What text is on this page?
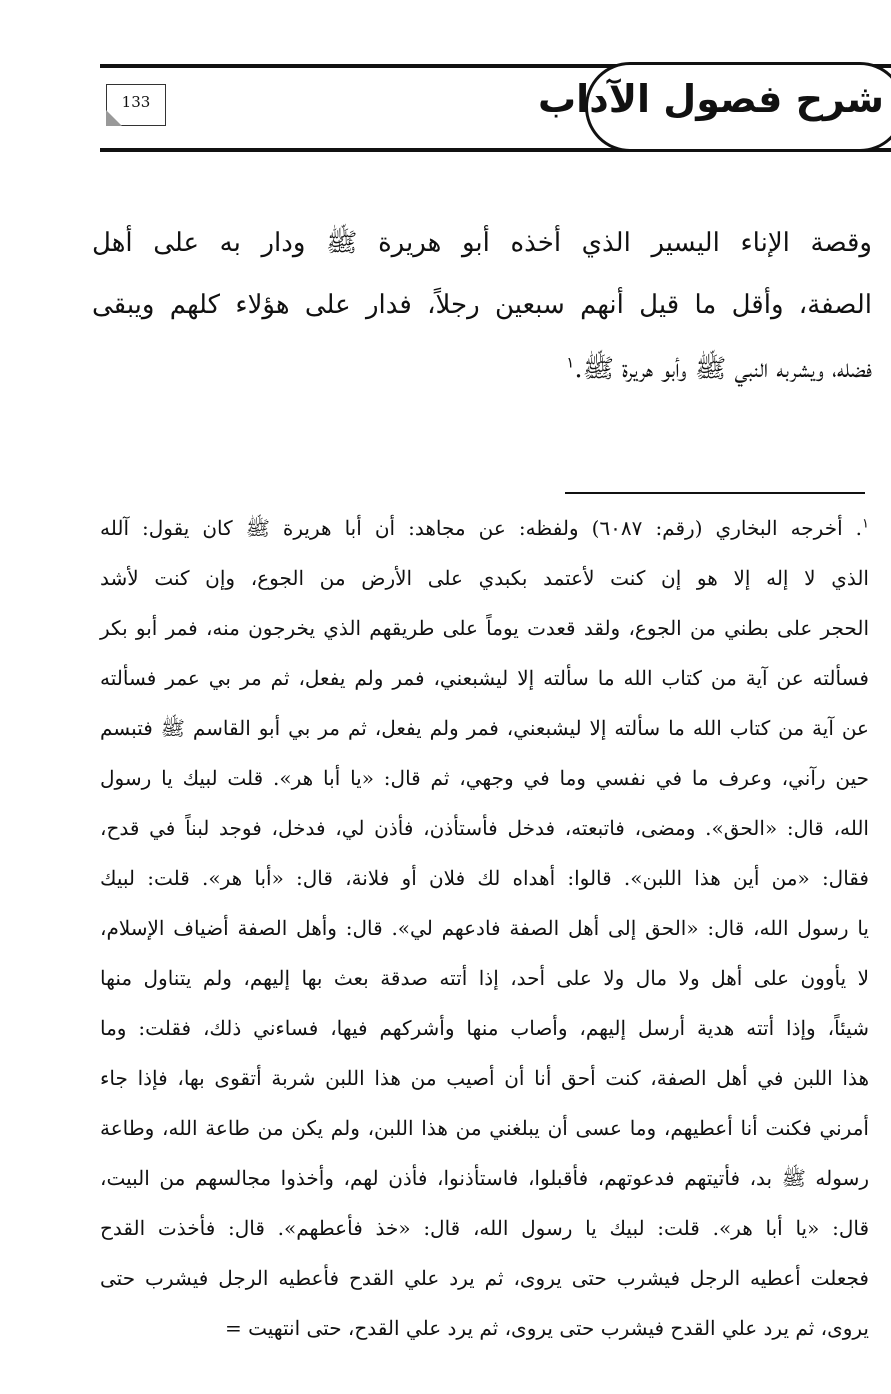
شرح فصول الآداب
133
وقصة الإناء اليسير الذي أخذه أبو هريرة ﷺ ودار به على أهل
الصفة، وأقل ما قيل أنهم سبعين رجلاً، فدار على هؤلاء كلهم ويبقى
فضله، ويشربه النبي ﷺ وأبو هريرة ﷺ.$^١$
$^١$. أخرجه البخاري (رقم: ٦٠٨٧) ولفظه: عن مجاهد: أن أبا هريرة ﷺ كان يقول: آلله
الذي لا إله إلا هو إن كنت لأعتمد بكبدي على الأرض من الجوع، وإن كنت لأشد
الحجر على بطني من الجوع، ولقد قعدت يوماً على طريقهم الذي يخرجون منه، فمر أبو بكر
فسألته عن آية من كتاب الله ما سألته إلا ليشبعني، فمر ولم يفعل، ثم مر بي عمر فسألته
عن آية من كتاب الله ما سألته إلا ليشبعني، فمر ولم يفعل، ثم مر بي أبو القاسم ﷺ فتبسم
حين رآني، وعرف ما في نفسي وما في وجهي، ثم قال: «يا أبا هر». قلت لبيك يا رسول
الله، قال: «الحق». ومضى، فاتبعته، فدخل فأستأذن، فأذن لي، فدخل، فوجد لبناً في قدح،
فقال: «من أين هذا اللبن». قالوا: أهداه لك فلان أو فلانة، قال: «أبا هر». قلت: لبيك
يا رسول الله، قال: «الحق إلى أهل الصفة فادعهم لي». قال: وأهل الصفة أضياف الإسلام،
لا يأوون على أهل ولا مال ولا على أحد، إذا أتته صدقة بعث بها إليهم، ولم يتناول منها
شيئاً، وإذا أتته هدية أرسل إليهم، وأصاب منها وأشركهم فيها، فساءني ذلك، فقلت: وما
هذا اللبن في أهل الصفة، كنت أحق أنا أن أصيب من هذا اللبن شربة أتقوى بها، فإذا جاء
أمرني فكنت أنا أعطيهم، وما عسى أن يبلغني من هذا اللبن، ولم يكن من طاعة الله، وطاعة
رسوله ﷺ بد، فأتيتهم فدعوتهم، فأقبلوا، فاستأذنوا، فأذن لهم، وأخذوا مجالسهم من البيت،
قال: «يا أبا هر». قلت: لبيك يا رسول الله، قال: «خذ فأعطهم». قال: فأخذت القدح
فجعلت أعطيه الرجل فيشرب حتى يروى، ثم يرد علي القدح فأعطيه الرجل فيشرب حتى
يروى، ثم يرد علي القدح فيشرب حتى يروى، ثم يرد علي القدح، حتى انتهيت =
